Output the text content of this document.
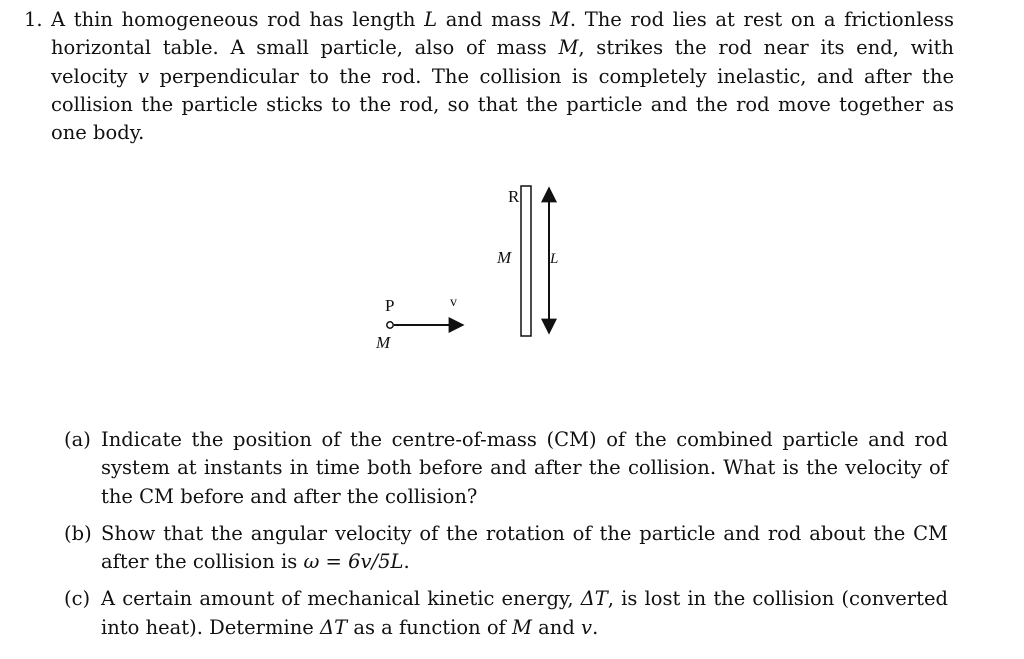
1. A thin homogeneous rod has length L and mass M. The rod lies at rest on a frictionless horizontal table. A small particle, also of mass M, strikes the rod near its end, with velocity v perpendicular to the rod. The collision is completely inelastic, and after the collision the particle sticks to the rod, so that the particle and the rod move together as one body.
R
M	L
P	v
M
(a) Indicate the position of the centre-of-mass (CM) of the combined particle and rod system at instants in time both before and after the collision. What is the velocity of the CM before and after the collision?
(b) Show that the angular velocity of the rotation of the particle and rod about the CM after the collision is ω = 6v/5L.
(c) A certain amount of mechanical kinetic energy, ΔT, is lost in the collision (converted into heat). Determine ΔT as a function of M and v.
